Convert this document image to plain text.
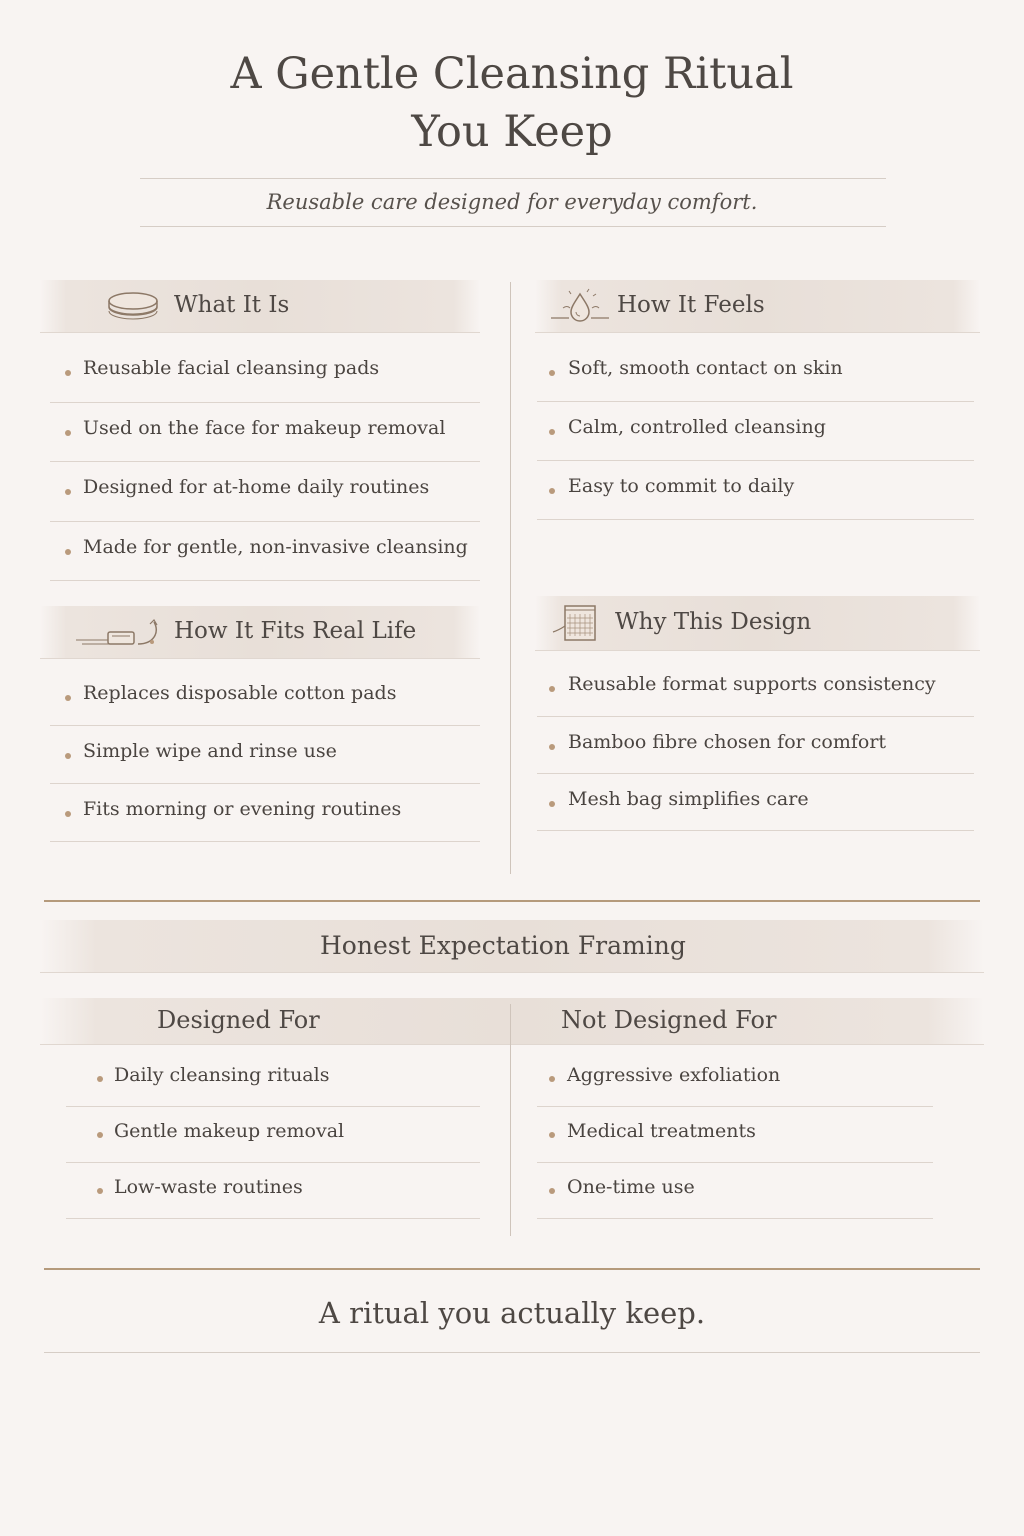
A Gentle Cleansing Ritual
You Keep
Reusable care designed for everyday comfort.
What It Is
Reusable facial cleansing pads
Used on the face for makeup removal
Designed for at-home daily routines
Made for gentle, non-invasive cleansing
How It Feels
Soft, smooth contact on skin
Calm, controlled cleansing
Easy to commit to daily
How It Fits Real Life
Replaces disposable cotton pads
Simple wipe and rinse use
Fits morning or evening routines
Why This Design
Reusable format supports consistency
Bamboo fibre chosen for comfort
Mesh bag simplifies care
Honest Expectation Framing
Designed For	Not Designed For
Daily cleansing rituals
Gentle makeup removal
Low-waste routines
Aggressive exfoliation
Medical treatments
One-time use
A ritual you actually keep.
